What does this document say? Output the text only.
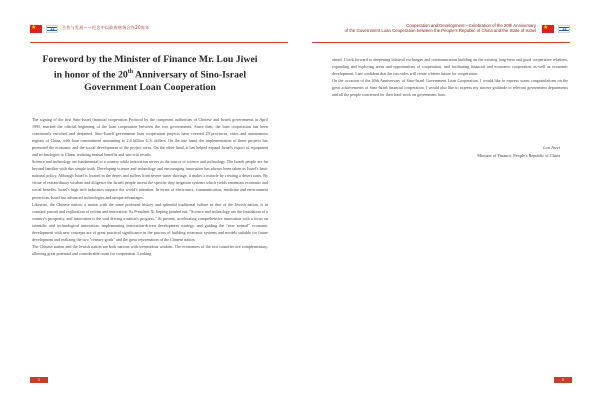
★ ✡ 合作与发展——纪念中以政府财务合作20周年
Foreword by the Minister of Finance Mr. Lou Jiwei
in honor of the 20th Anniversary of Sino-Israel
Government Loan Cooperation

The signing of the first Sino-Israel financial cooperation Protocol by the competent authorities of Chinese and Israeli governments in April 1995, marked the official beginning of the loan cooperation between the two governments. Since then, the loan cooperation has been consistently enriched and deepened. Sino-Israeli government loan cooperation projects have covered 29 provinces, cities and autonomous regions of China, with loan commitment amounting to 2.6 billion U.S. dollars. On the one hand, the implementation of these projects has promoted the economic and the social development of the project areas. On the other hand, it has helped expand Israel's export of equipment and technologies to China, realizing mutual benefits and win-win results.

Science and technology are fundamental to a country while innovation serves as the source of science and technology. The Israeli people are far beyond familiar with this simple truth. Developing science and technology and encouraging innovation has always been taken as Israel's basic national policy. Although Israel is located in the desert and suffers from severe water shortage, it makes a miracle by creating a desert oasis. By virtue of extraordinary wisdom and diligence the Israeli people invent the specific drip irrigation systems which yields enormous economic and social benefits. Israel's high-tech industries outpace the world's attention. In terms of electronics, communication, medicine and environment protection, Israel has advanced technologies and unique advantages.

Likewise, the Chinese nation, a nation with the same profound history and splendid traditional culture as that of the Jewish nation, is in constant pursuit and exploration of reform and innovation. As President Xi Jinping pointed out, "Science and technology are the foundation of a country's prosperity, and innovation is the soul driving a nation's progress." At present, accelerating comprehensive innovation with a focus on scientific and technological innovation, implementing innovation-driven development strategy, and guiding the "new normal" economic development with new concepts are of great practical significance in the process of building economic systems and models suitable for future development and realizing the two "century goals" and the great rejuvenation of the Chinese nation.

The Chinese nation and the Jewish nation are both nations with tremendous wisdom. The economies of the two countries are complementary, allowing great potential and considerable room for cooperation. Looking

1
Cooperation and Development—Celebration of the 20th Anniversary
of the Government Loan Cooperation between the People's Republic of China and the State of Israel ★ ✡

ahead, I look forward to deepening bilateral exchanges and communication building on the existing long-term and good cooperative relations, expanding and exploring areas and opportunities of cooperation, and facilitating financial and economic cooperation as well as economic development. I am confident that the two sides will create a better future for cooperation.

On the occasion of the 20th Anniversary of Sino-Israel Government Loan Cooperation, I would like to express warm congratulations on the great achievements of Sino-Israel financial cooperation. I would also like to express my sincere gratitude to relevant government departments and all the people concerned for their hard work on government loan.

Lou Jiwei
Minister of Finance, People's Republic of China
2
